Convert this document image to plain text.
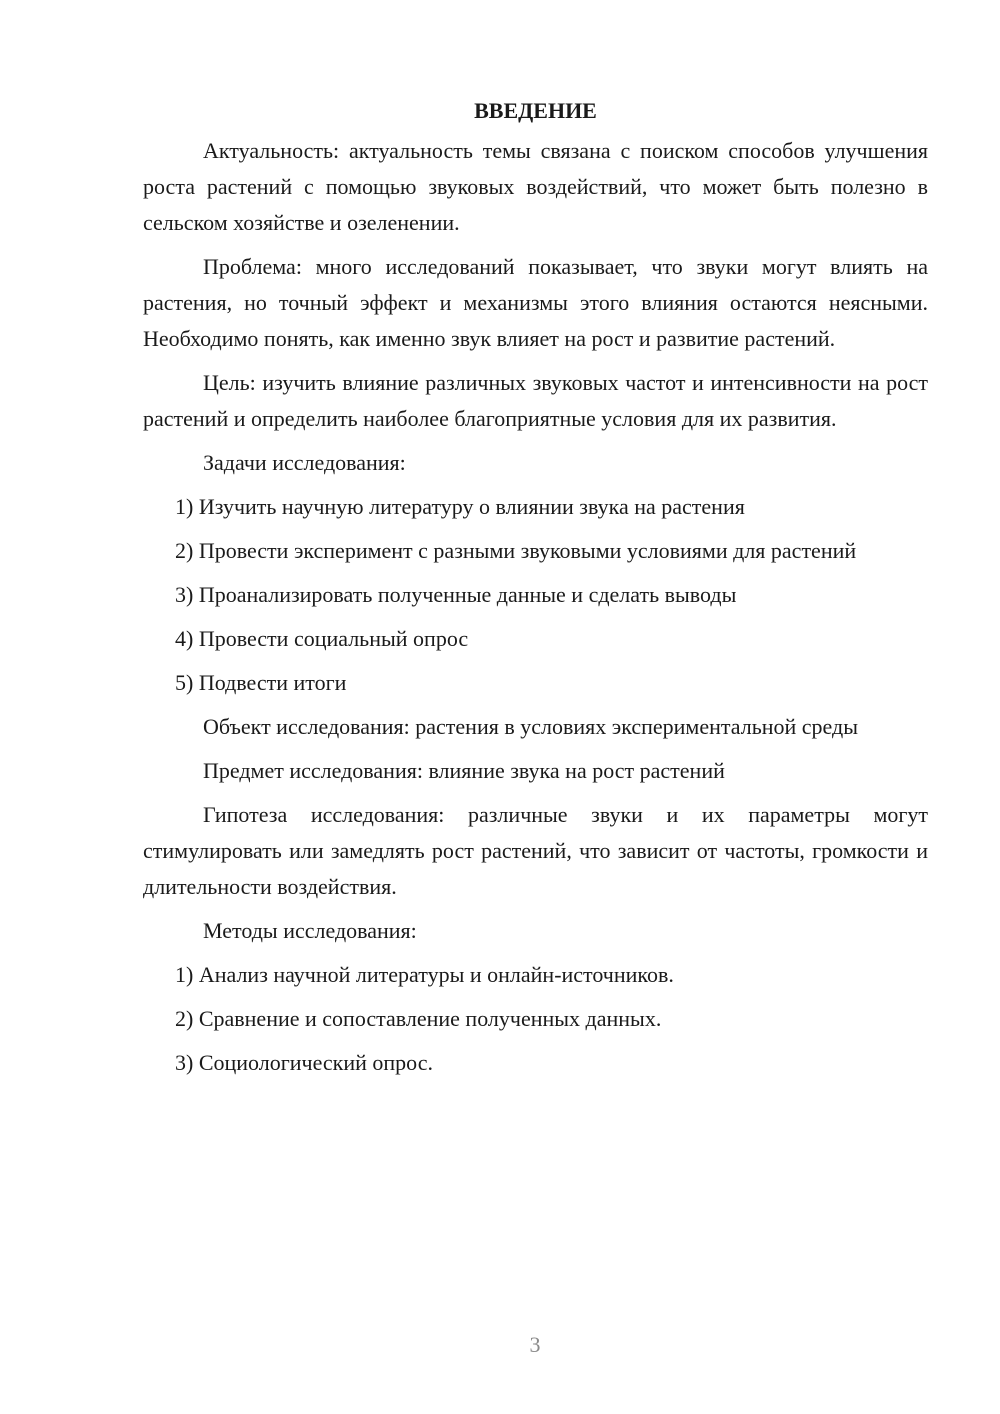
ВВЕДЕНИЕ

Актуальность: актуальность темы связана с поиском способов улучшения роста растений с помощью звуковых воздействий, что может быть полезно в сельском хозяйстве и озеленении.

Проблема: много исследований показывает, что звуки могут влиять на растения, но точный эффект и механизмы этого влияния остаются неясными. Необходимо понять, как именно звук влияет на рост и развитие растений.

Цель: изучить влияние различных звуковых частот и интенсивности на рост растений и определить наиболее благоприятные условия для их развития.

Задачи исследования:

1) Изучить научную литературу о влиянии звука на растения

2) Провести эксперимент с разными звуковыми условиями для растений

3) Проанализировать полученные данные и сделать выводы

4) Провести социальный опрос

5) Подвести итоги

Объект исследования: растения в условиях экспериментальной среды

Предмет исследования: влияние звука на рост растений

Гипотеза исследования: различные звуки и их параметры могут стимулировать или замедлять рост растений, что зависит от частоты, громкости и длительности воздействия.

Методы исследования:

1) Анализ научной литературы и онлайн-источников.

2) Сравнение и сопоставление полученных данных.

3) Социологический опрос.

3
